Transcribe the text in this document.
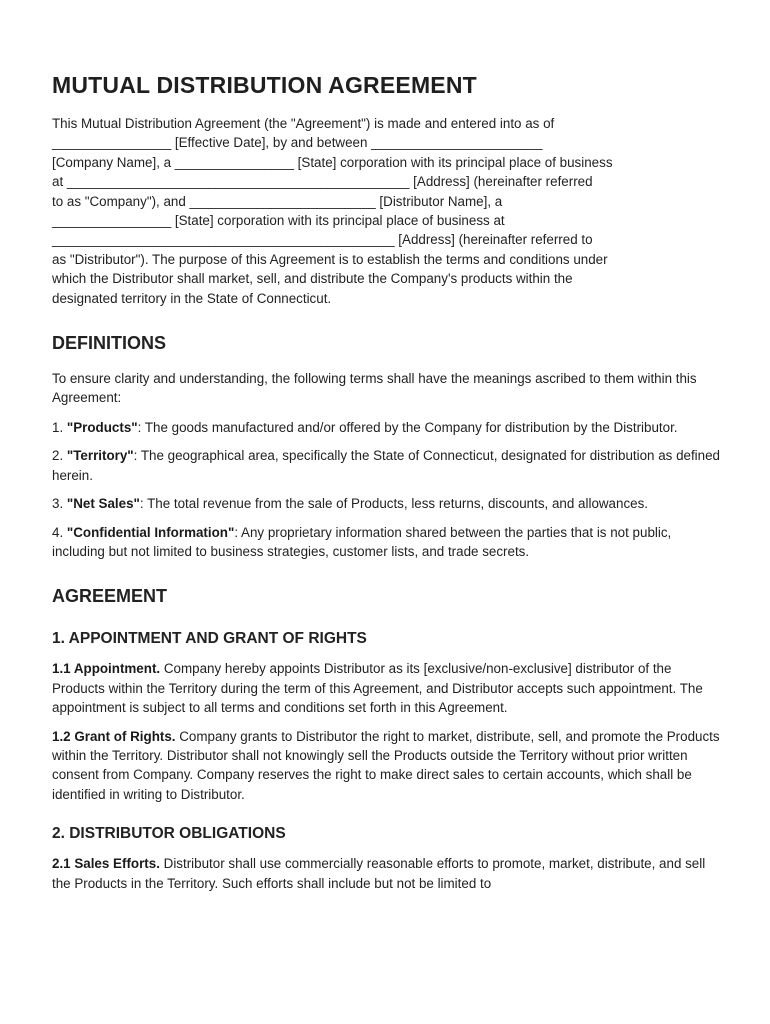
MUTUAL DISTRIBUTION AGREEMENT

This Mutual Distribution Agreement (the "Agreement") is made and entered into as of
________________ [Effective Date], by and between _______________________
[Company Name], a ________________ [State] corporation with its principal place of business
at ______________________________________________ [Address] (hereinafter referred
to as "Company"), and _________________________ [Distributor Name], a
________________ [State] corporation with its principal place of business at
______________________________________________ [Address] (hereinafter referred to
as "Distributor"). The purpose of this Agreement is to establish the terms and conditions under
which the Distributor shall market, sell, and distribute the Company's products within the
designated territory in the State of Connecticut.

DEFINITIONS

To ensure clarity and understanding, the following terms shall have the meanings ascribed to them within this Agreement:

1. "Products": The goods manufactured and/or offered by the Company for distribution by the Distributor.

2. "Territory": The geographical area, specifically the State of Connecticut, designated for distribution as defined herein.

3. "Net Sales": The total revenue from the sale of Products, less returns, discounts, and allowances.

4. "Confidential Information": Any proprietary information shared between the parties that is not public, including but not limited to business strategies, customer lists, and trade secrets.

AGREEMENT
1. APPOINTMENT AND GRANT OF RIGHTS

1.1 Appointment. Company hereby appoints Distributor as its [exclusive/non-exclusive] distributor of the Products within the Territory during the term of this Agreement, and Distributor accepts such appointment. The appointment is subject to all terms and conditions set forth in this Agreement.

1.2 Grant of Rights. Company grants to Distributor the right to market, distribute, sell, and promote the Products within the Territory. Distributor shall not knowingly sell the Products outside the Territory without prior written consent from Company. Company reserves the right to make direct sales to certain accounts, which shall be identified in writing to Distributor.

2. DISTRIBUTOR OBLIGATIONS

2.1 Sales Efforts. Distributor shall use commercially reasonable efforts to promote, market, distribute, and sell the Products in the Territory. Such efforts shall include but not be limited to
